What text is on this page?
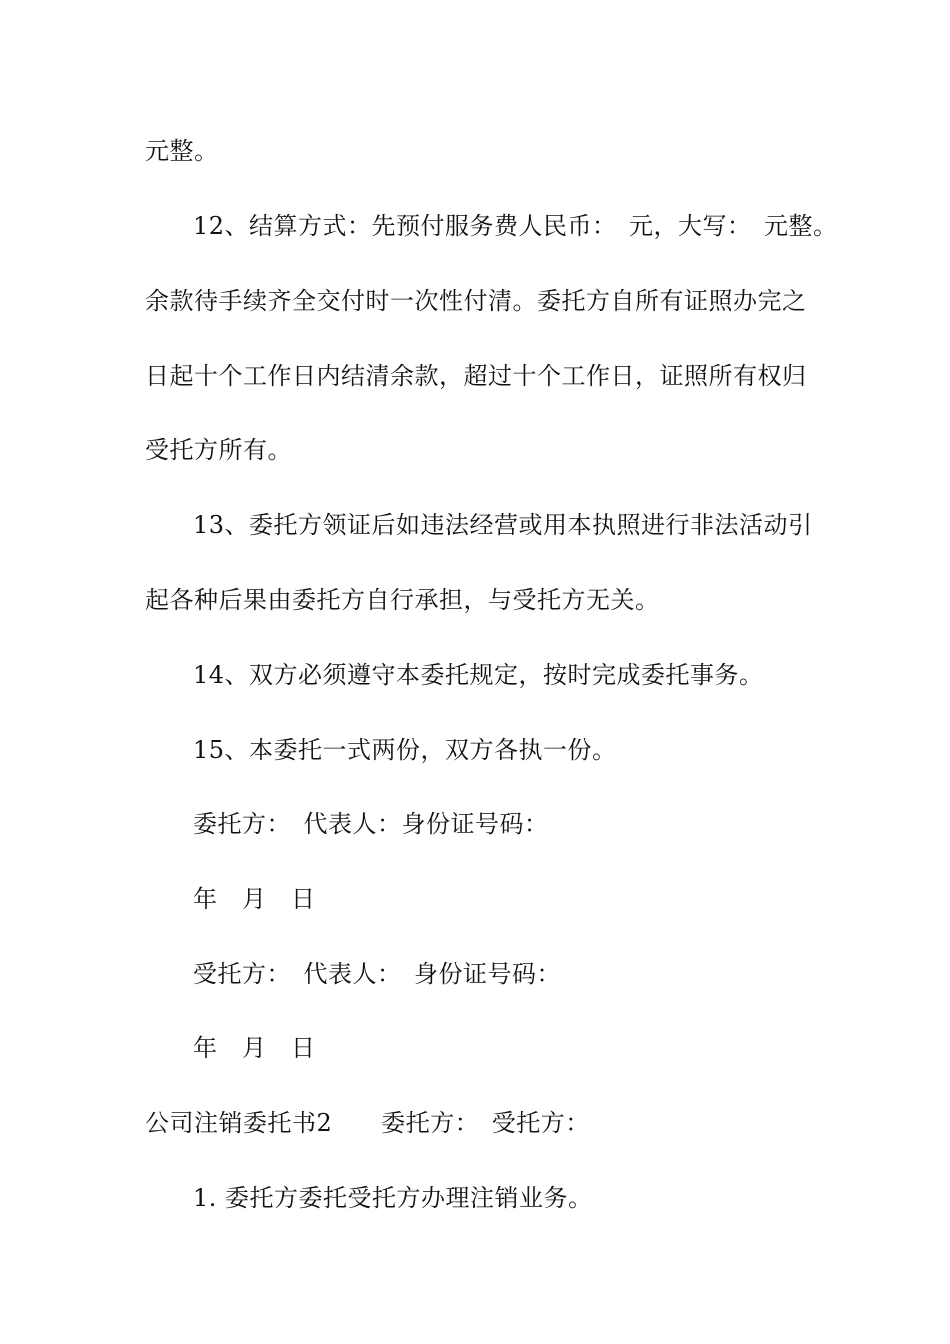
元整。
12、结算方式：先预付服务费人民币：　元，大写：　元整。
余款待手续齐全交付时一次性付清。委托方自所有证照办完之
日起十个工作日内结清余款，超过十个工作日，证照所有权归
受托方所有。
13、委托方领证后如违法经营或用本执照进行非法活动引
起各种后果由委托方自行承担，与受托方无关。
14、双方必须遵守本委托规定，按时完成委托事务。
15、本委托一式两份，双方各执一份。
委托方：　代表人：身份证号码：
年　月　日
受托方：　代表人：　身份证号码：
年　月　日
公司注销委托书2　　委托方：　受托方：
1. 委托方委托受托方办理注销业务。
